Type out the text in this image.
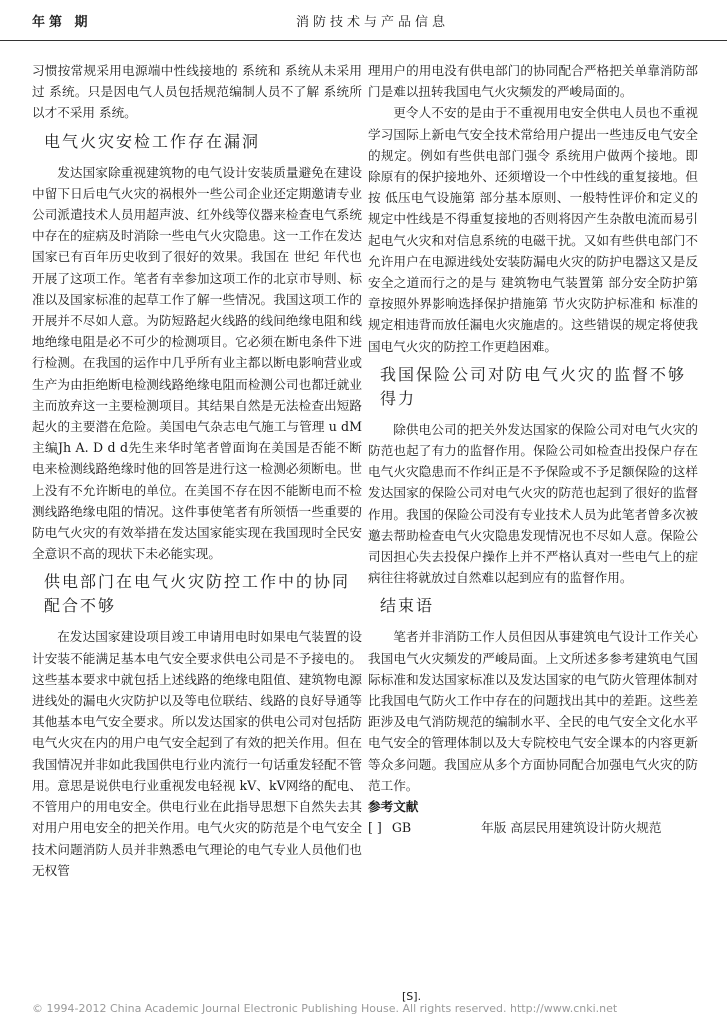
年第 期	消防技术与产品信息

习惯按常规采用电源端中性线接地的 系统和 系统从未采用过 系统。只是因电气人员包括规范编制人员不了解 系统所以才不采用 系统。

电气火灾安检工作存在漏洞

发达国家除重视建筑物的电气设计安装质量避免在建设中留下日后电气火灾的祸根外一些公司企业还定期邀请专业公司派遣技术人员用超声波、红外线等仪器来检查电气系统中存在的症病及时消除一些电气火灾隐患。这一工作在发达国家已有百年历史收到了很好的效果。我国在 世纪 年代也开展了这项工作。笔者有幸参加这项工作的北京市导则、标准以及国家标准的起草工作了解一些情况。我国这项工作的开展并不尽如人意。为防短路起火线路的线间绝缘电阻和线地绝缘电阻是必不可少的检测项目。它必须在断电条件下进行检测。在我国的运作中几乎所有业主都以断电影响营业或生产为由拒绝断电检测线路绝缘电阻而检测公司也都迁就业主而放弃这一主要检测项目。其结果自然是无法检查出短路起火的主要潜在危险。美国电气杂志电气施工与管理 u dM 主编Jh A. D d d先生来华时笔者曾面询在美国是否能不断电来检测线路绝缘时他的回答是进行这一检测必须断电。世上没有不允许断电的单位。在美国不存在因不能断电而不检测线路绝缘电阻的情况。这件事使笔者有所领悟一些重要的防电气火灾的有效举措在发达国家能实现在我国现时全民安全意识不高的现状下未必能实现。

供电部门在电气火灾防控工作中的协同配合不够

在发达国家建设项目竣工申请用电时如果电气装置的设计安装不能满足基本电气安全要求供电公司是不予接电的。这些基本要求中就包括上述线路的绝缘电阻值、建筑物电源进线处的漏电火灾防护以及等电位联结、线路的良好导通等其他基本电气安全要求。所以发达国家的供电公司对包括防电气火灾在内的用户电气安全起到了有效的把关作用。但在我国情况并非如此我国供电行业内流行一句话重发轻配不管用。意思是说供电行业重视发电轻视 kV、kV网络的配电、不管用户的用电安全。供电行业在此指导思想下自然失去其对用户用电安全的把关作用。电气火灾的防范是个电气安全技术问题消防人员并非熟悉电气理论的电气专业人员他们也无权管

理用户的用电没有供电部门的协同配合严格把关单靠消防部门是难以扭转我国电气火灾频发的严峻局面的。

更令人不安的是由于不重视用电安全供电人员也不重视学习国际上新电气安全技术常给用户提出一些违反电气安全的规定。例如有些供电部门强令 系统用户做两个接地。即除原有的保护接地外、还须增设一个中性线的重复接地。但按 低压电气设施第 部分基本原则、一般特性评价和定义的规定中性线是不得重复接地的否则将因产生杂散电流而易引起电气火灾和对信息系统的电磁干扰。又如有些供电部门不允许用户在电源进线处安装防漏电火灾的防护电器这又是反安全之道而行之的是与 建筑物电气装置第 部分安全防护第 章按照外界影响选择保护措施第 节火灾防护标准和 标准的规定相违背而放任漏电火灾施虐的。这些错误的规定将使我国电气火灾的防控工作更趋困难。

我国保险公司对防电气火灾的监督不够得力

除供电公司的把关外发达国家的保险公司对电气火灾的防范也起了有力的监督作用。保险公司如检查出投保户存在电气火灾隐患而不作纠正是不予保险或不予足额保险的这样发达国家的保险公司对电气火灾的防范也起到了很好的监督作用。我国的保险公司没有专业技术人员为此笔者曾多次被邀去帮助检查电气火灾隐患发现情况也不尽如人意。保险公司因担心失去投保户操作上并不严格认真对一些电气上的症病往往将就放过自然难以起到应有的监督作用。

结束语

笔者并非消防工作人员但因从事建筑电气设计工作关心我国电气火灾频发的严峻局面。上文所述多参考建筑电气国际标准和发达国家标准以及发达国家的电气防火管理体制对比我国电气防火工作中存在的问题找出其中的差距。这些差距涉及电气消防规范的编制水平、全民的电气安全文化水平电气安全的管理体制以及大专院校电气安全课本的内容更新等众多问题。我国应从多个方面协同配合加强电气火灾的防范工作。

参考文献
[ ] GB	年版 高层民用建筑设计防火规范
© 1994-2012 China Academic Journal Electronic Publishing House. All rights reserved. http://www.cnki.net
[S].
